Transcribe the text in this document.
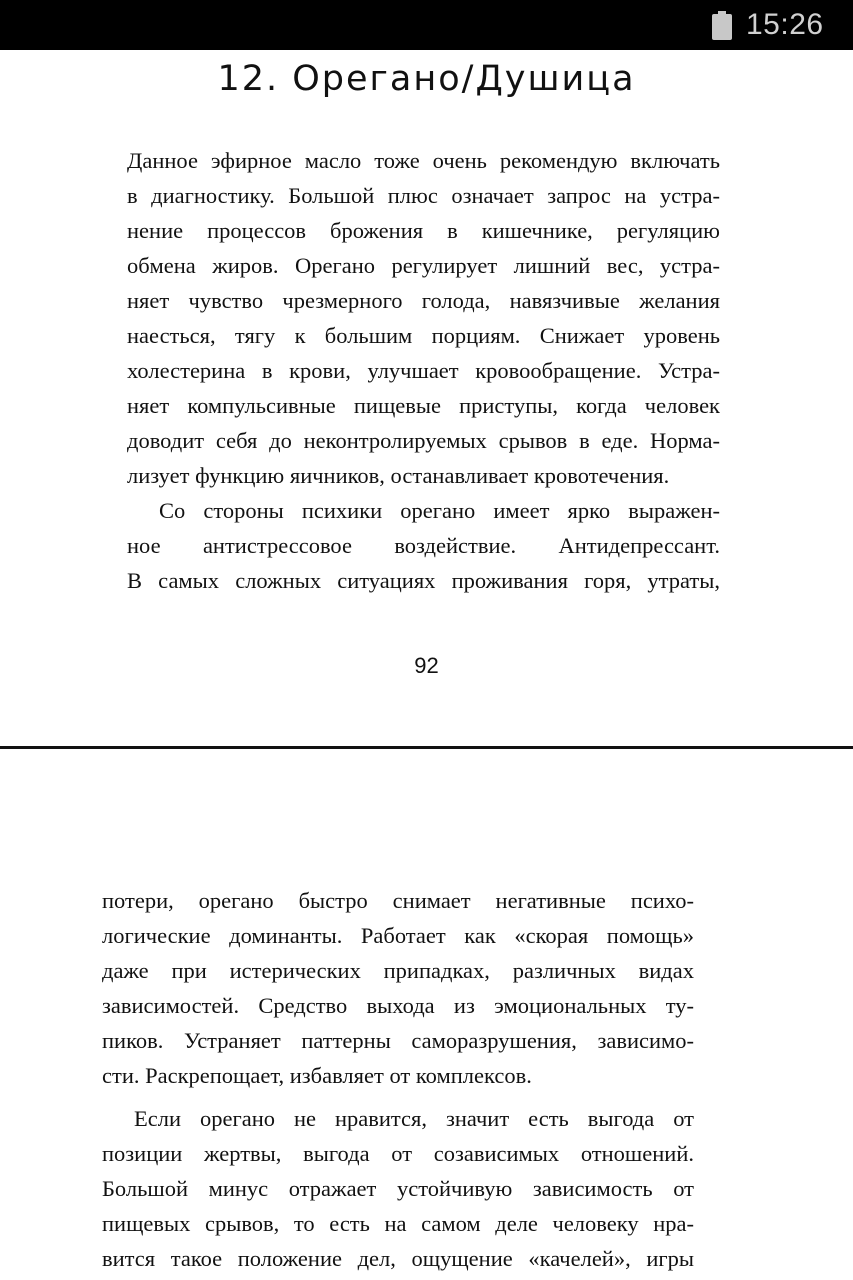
15:26
12. Орегано/Душица
Данное эфирное масло тоже очень рекомендую включать
в диагностику. Большой плюс означает запрос на устра-
нение процессов брожения в кишечнике, регуляцию
обмена жиров. Орегано регулирует лишний вес, устра-
няет чувство чрезмерного голода, навязчивые желания
наесться, тягу к большим порциям. Снижает уровень
холестерина в крови, улучшает кровообращение. Устра-
няет компульсивные пищевые приступы, когда человек
доводит себя до неконтролируемых срывов в еде. Норма-
лизует функцию яичников, останавливает кровотечения.
Со стороны психики орегано имеет ярко выражен-
ное антистрессовое воздействие. Антидепрессант.
В самых сложных ситуациях проживания горя, утраты,
92
потери, орегано быстро снимает негативные психо-
логические доминанты. Работает как «скорая помощь»
даже при истерических припадках, различных видах
зависимостей. Средство выхода из эмоциональных ту-
пиков. Устраняет паттерны саморазрушения, зависимо-
сти. Раскрепощает, избавляет от комплексов.
Если орегано не нравится, значит есть выгода от
позиции жертвы, выгода от созависимых отношений.
Большой минус отражает устойчивую зависимость от
пищевых срывов, то есть на самом деле человеку нра-
вится такое положение дел, ощущение «качелей», игры
